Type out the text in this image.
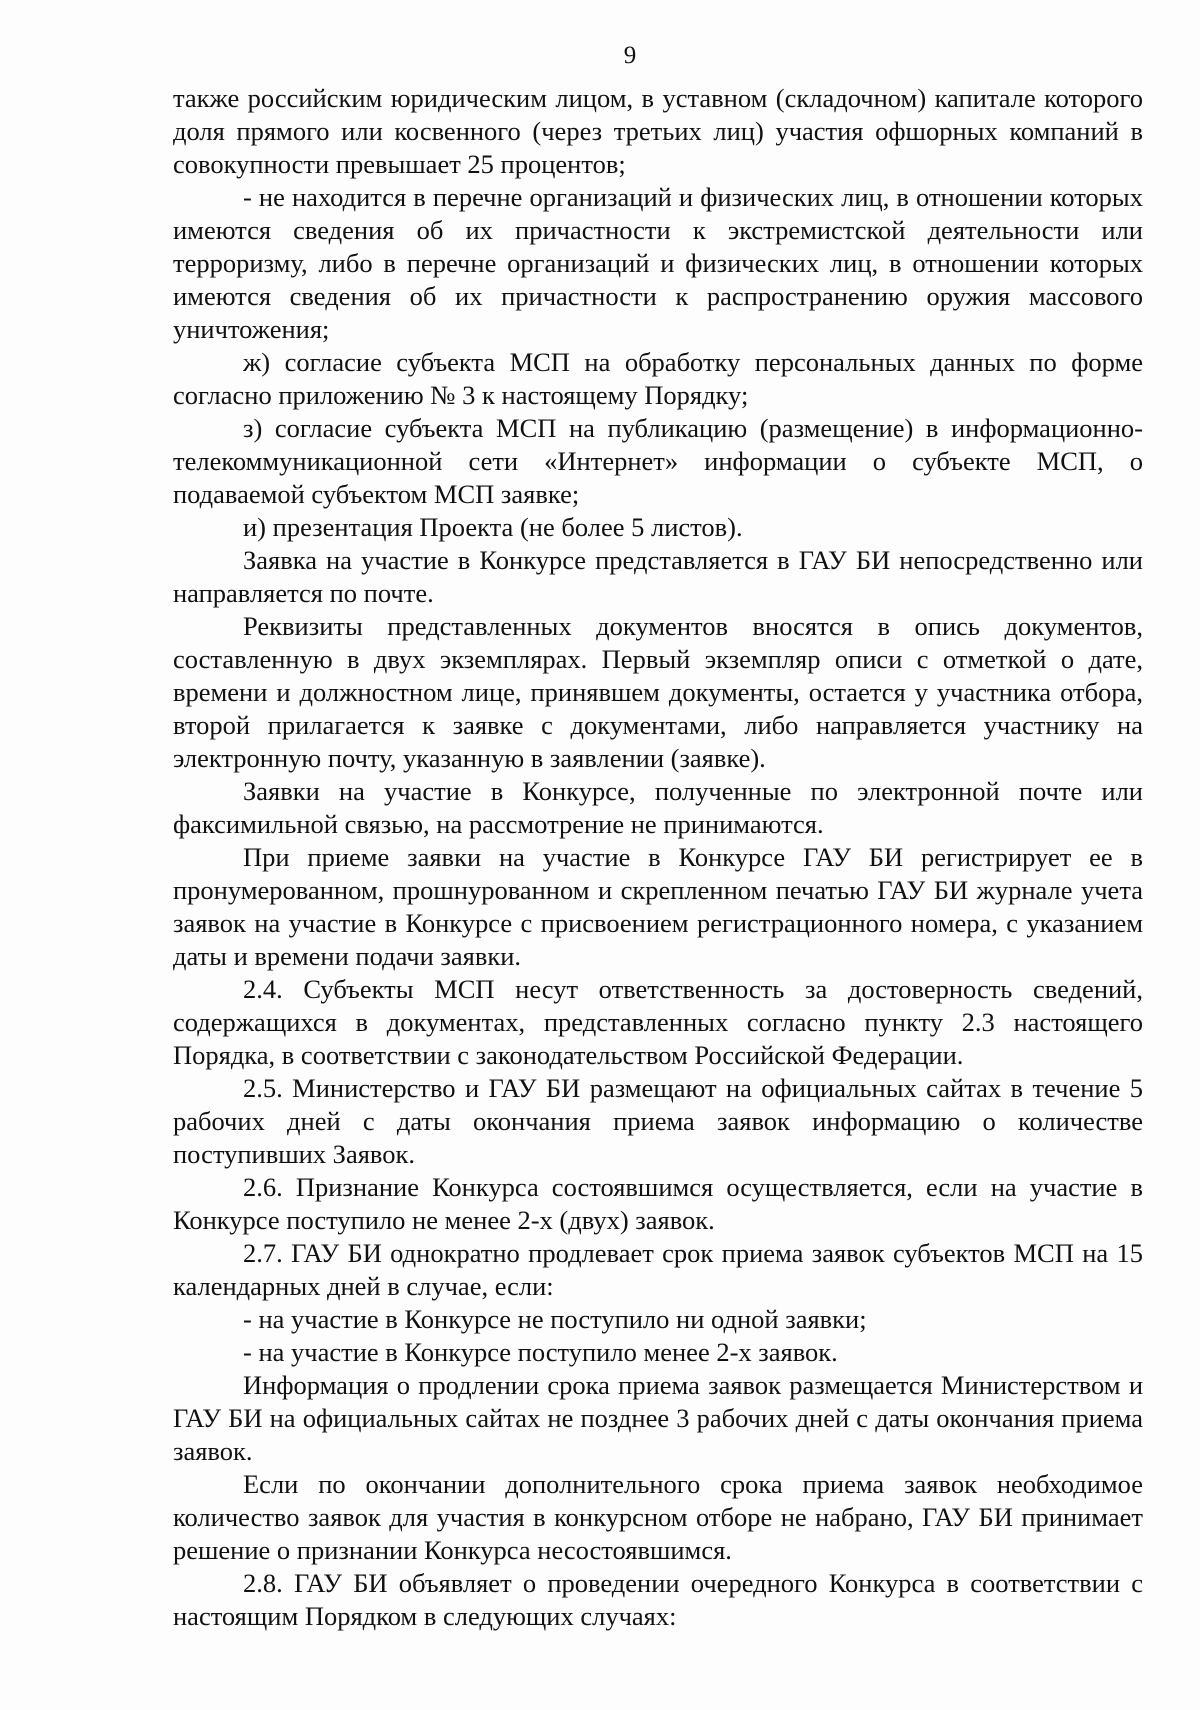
9

также российским юридическим лицом, в уставном (складочном) капитале которого доля прямого или косвенного (через третьих лиц) участия офшорных компаний в совокупности превышает 25 процентов;

- не находится в перечне организаций и физических лиц, в отношении которых имеются сведения об их причастности к экстремистской деятельности или терроризму, либо в перечне организаций и физических лиц, в отношении которых имеются сведения об их причастности к распространению оружия массового уничтожения;

ж) согласие субъекта МСП на обработку персональных данных по форме согласно приложению № 3 к настоящему Порядку;

з) согласие субъекта МСП на публикацию (размещение) в информационно-телекоммуникационной сети «Интернет» информации о субъекте МСП, о подаваемой субъектом МСП заявке;

и) презентация Проекта (не более 5 листов).

Заявка на участие в Конкурсе представляется в ГАУ БИ непосредственно или направляется по почте.

Реквизиты представленных документов вносятся в опись документов, составленную в двух экземплярах. Первый экземпляр описи с отметкой о дате, времени и должностном лице, принявшем документы, остается у участника отбора, второй прилагается к заявке с документами, либо направляется участнику на электронную почту, указанную в заявлении (заявке).

Заявки на участие в Конкурсе, полученные по электронной почте или факсимильной связью, на рассмотрение не принимаются.

При приеме заявки на участие в Конкурсе ГАУ БИ регистрирует ее в пронумерованном, прошнурованном и скрепленном печатью ГАУ БИ журнале учета заявок на участие в Конкурсе с присвоением регистрационного номера, с указанием даты и времени подачи заявки.

2.4. Субъекты МСП несут ответственность за достоверность сведений, содержащихся в документах, представленных согласно пункту 2.3 настоящего Порядка, в соответствии с законодательством Российской Федерации.

2.5. Министерство и ГАУ БИ размещают на официальных сайтах в течение 5 рабочих дней с даты окончания приема заявок информацию о количестве поступивших Заявок.

2.6. Признание Конкурса состоявшимся осуществляется, если на участие в Конкурсе поступило не менее 2-х (двух) заявок.

2.7. ГАУ БИ однократно продлевает срок приема заявок субъектов МСП на 15 календарных дней в случае, если:

- на участие в Конкурсе не поступило ни одной заявки;

- на участие в Конкурсе поступило менее 2-х заявок.

Информация о продлении срока приема заявок размещается Министерством и ГАУ БИ на официальных сайтах не позднее 3 рабочих дней с даты окончания приема заявок.

Если по окончании дополнительного срока приема заявок необходимое количество заявок для участия в конкурсном отборе не набрано, ГАУ БИ принимает решение о признании Конкурса несостоявшимся.

2.8. ГАУ БИ объявляет о проведении очередного Конкурса в соответствии с настоящим Порядком в следующих случаях:
